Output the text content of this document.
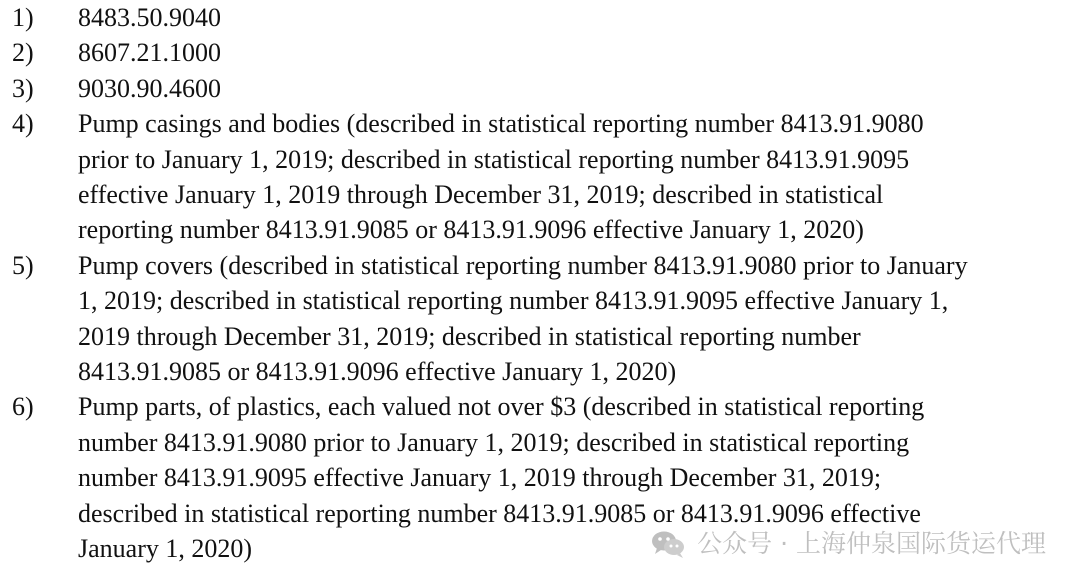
1) 8483.50.9040
2) 8607.21.1000
3) 9030.90.4600
4) Pump casings and bodies (described in statistical reporting number 8413.91.9080
prior to January 1, 2019; described in statistical reporting number 8413.91.9095
effective January 1, 2019 through December 31, 2019; described in statistical
reporting number 8413.91.9085 or 8413.91.9096 effective January 1, 2020)
5) Pump covers (described in statistical reporting number 8413.91.9080 prior to January
1, 2019; described in statistical reporting number 8413.91.9095 effective January 1,
2019 through December 31, 2019; described in statistical reporting number
8413.91.9085 or 8413.91.9096 effective January 1, 2020)
6) Pump parts, of plastics, each valued not over $3 (described in statistical reporting
number 8413.91.9080 prior to January 1, 2019; described in statistical reporting
number 8413.91.9095 effective January 1, 2019 through December 31, 2019;
described in statistical reporting number 8413.91.9085 or 8413.91.9096 effective
January 1, 2020)	公众号 · 上海仲泉国际货运代理
